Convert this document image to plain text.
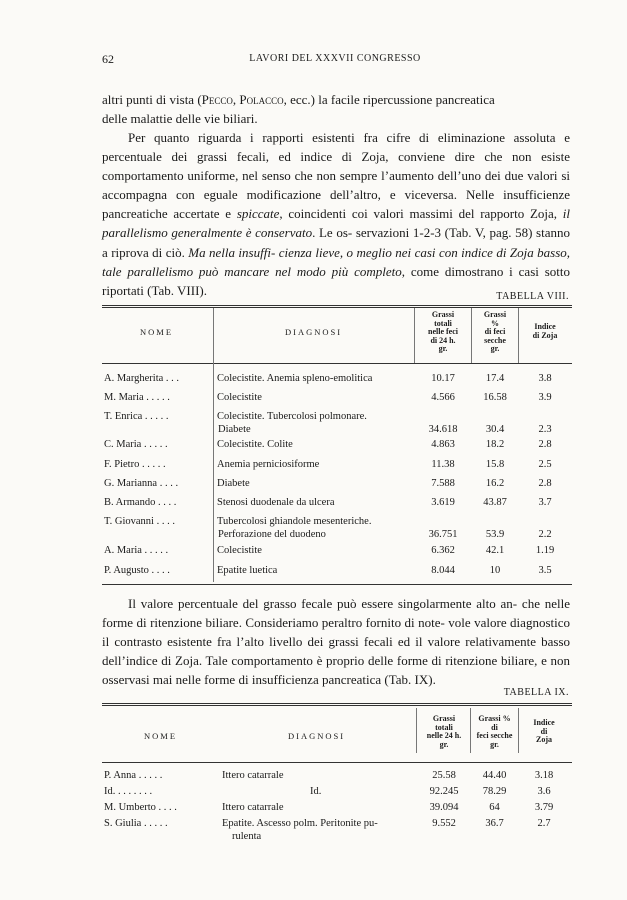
62	LAVORI DEL XXXVII CONGRESSO

altri punti di vista (Pecco, Polacco, ecc.) la facile ripercussione pancreatica
delle malattie delle vie biliari.

Per quanto riguarda i rapporti esistenti fra cifre di eliminazione assoluta e percentuale dei grassi fecali, ed indice di Zoja, conviene dire che non esiste comportamento uniforme, nel senso che non sempre l’aumento dell’uno dei due valori si accompagna con eguale modificazione dell’altro, e viceversa. Nelle insufficienze pancreatiche accertate e spiccate, coincidenti coi valori massimi del rapporto Zoja, il parallelismo generalmente è conservato. Le os- servazioni 1-2-3 (Tab. V, pag. 58) stanno a riprova di ciò. Ma nella insuffi- cienza lieve, o meglio nei casi con indice di Zoja basso, tale parallelismo può mancare nel modo più completo, come dimostrano i casi sotto riportati (Tab. VIII).	TABELLA VIII.
NOME	DIAGNOSI
Grassi
totali
nelle feci
di 24 h.
gr.
Grassi
%
di feci
secche
gr.
Indice
di Zoja
A. Margherita . . .	Colecistite. Anemia spleno-emolitica	10.17	17.4	3.8
M. Maria . . . . .	Colecistite	4.566	16.58	3.9
T. Enrica . . . . .	Colecistite. Tubercolosi polmonare.
Diabete	34.618	30.4	2.3
C. Maria . . . . .	Colecistite. Colite	4.863	18.2	2.8
F. Pietro . . . . .	Anemia perniciosiforme	11.38	15.8	2.5
G. Marianna . . . .	Diabete	7.588	16.2	2.8
B. Armando . . . .	Stenosi duodenale da ulcera	3.619	43.87	3.7
T. Giovanni . . . .	Tubercolosi ghiandole mesenteriche.
Perforazione del duodeno	36.751	53.9	2.2
A. Maria . . . . .	Colecistite	6.362	42.1	1.19
P. Augusto . . . .	Epatite luetica	8.044	10	3.5

Il valore percentuale del grasso fecale può essere singolarmente alto an- che nelle forme di ritenzione biliare. Consideriamo peraltro fornito di note- vole valore diagnostico il contrasto esistente fra l’alto livello dei grassi fecali ed il valore relativamente basso dell’indice di Zoja. Tale comportamento è proprio delle forme di ritenzione biliare, e non osservasi mai nelle forme di insufficienza pancreatica (Tab. IX).

TABELLA IX.
NOME	DIAGNOSI
Grassi
totali
nelle 24 h.
gr.
Grassi %
di
feci secche
gr.
Indice
di
Zoja
P. Anna . . . . .	Ittero catarrale	25.58	44.40	3.18
Id. . . . . . . .	Id.	92.245	78.29	3.6
M. Umberto . . . .	Ittero catarrale	39.094	64	3.79
S. Giulia . . . . .	Epatite. Ascesso polm. Peritonite pu-
rulenta
9.552	36.7	2.7
